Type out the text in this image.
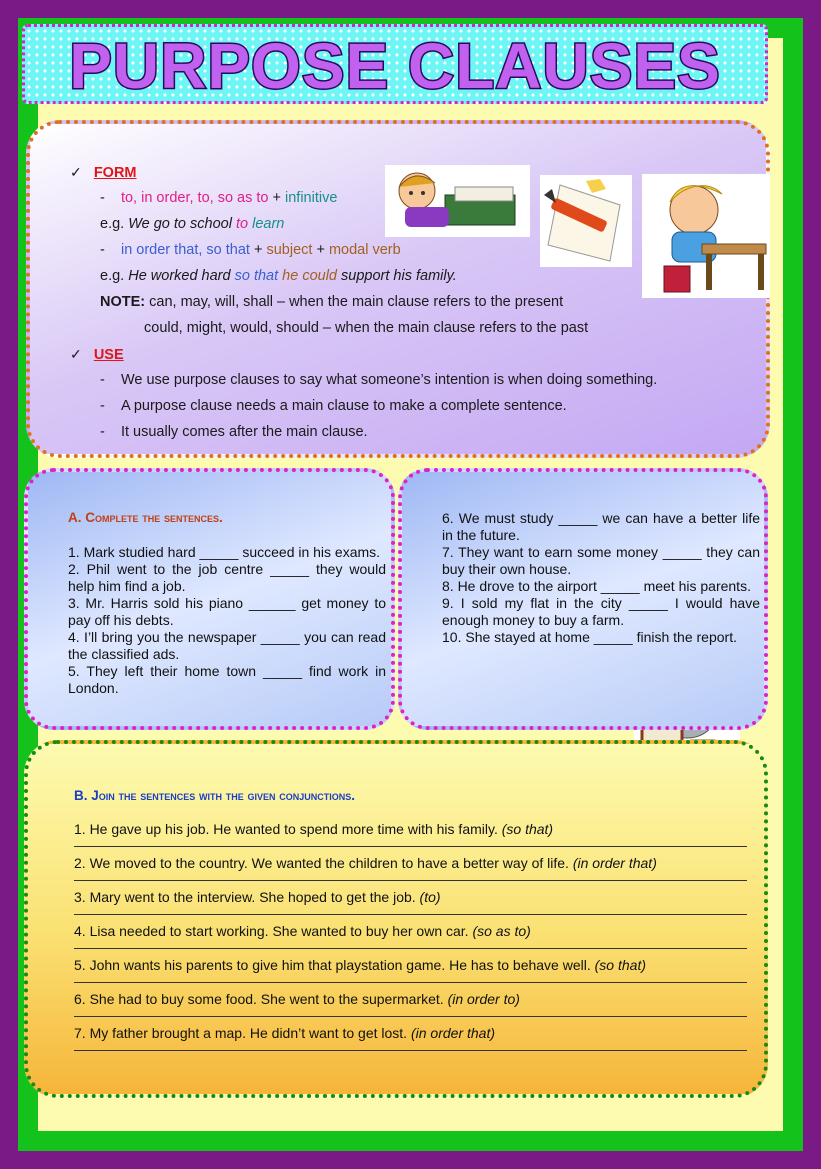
PURPOSE CLAUSES
✓ FORM
- to, in order, to, so as to + infinitive
e.g. We go to school to learn
- in order that, so that + subject + modal verb
e.g. He worked hard so that he could support his family.
NOTE: can, may, will, shall – when the main clause refers to the present
could, might, would, should – when the main clause refers to the past
✓ USE
-    We use purpose clauses to say what someone’s intention is when doing something.
-    A purpose clause needs a main clause to make a complete sentence.
-    It usually comes after the main clause.
A. Complete the sentences.
1. Mark studied hard _____ succeed in his exams.
2. Phil went to the job centre _____ they would help him find a job.
3. Mr. Harris sold his piano ______ get money to pay off his debts.
4. I’ll bring you the newspaper _____ you can read the classified ads.
5. They left their home town _____ find work in London.
6. We must study _____ we can have a better life in the future.
7. They want to earn some money _____ they can buy their own house.
8. He drove to the airport _____ meet his parents.
9. I sold my flat in the city _____ I would have enough money to buy a farm.
10. She stayed at home _____ finish the report.
B. Join the sentences with the given conjunctions.
1. He gave up his job. He wanted to spend more time with his family. (so that)
2. We moved to the country. We wanted the children to have a better way of life. (in order that)
3. Mary went to the interview. She hoped to get the job. (to)
4. Lisa needed to start working. She wanted to buy her own car. (so as to)
5. John wants his parents to give him that playstation game. He has to behave well. (so that)
6. She had to buy some food. She went to the supermarket. (in order to)
7. My father brought a map. He didn’t want to get lost. (in order that)
